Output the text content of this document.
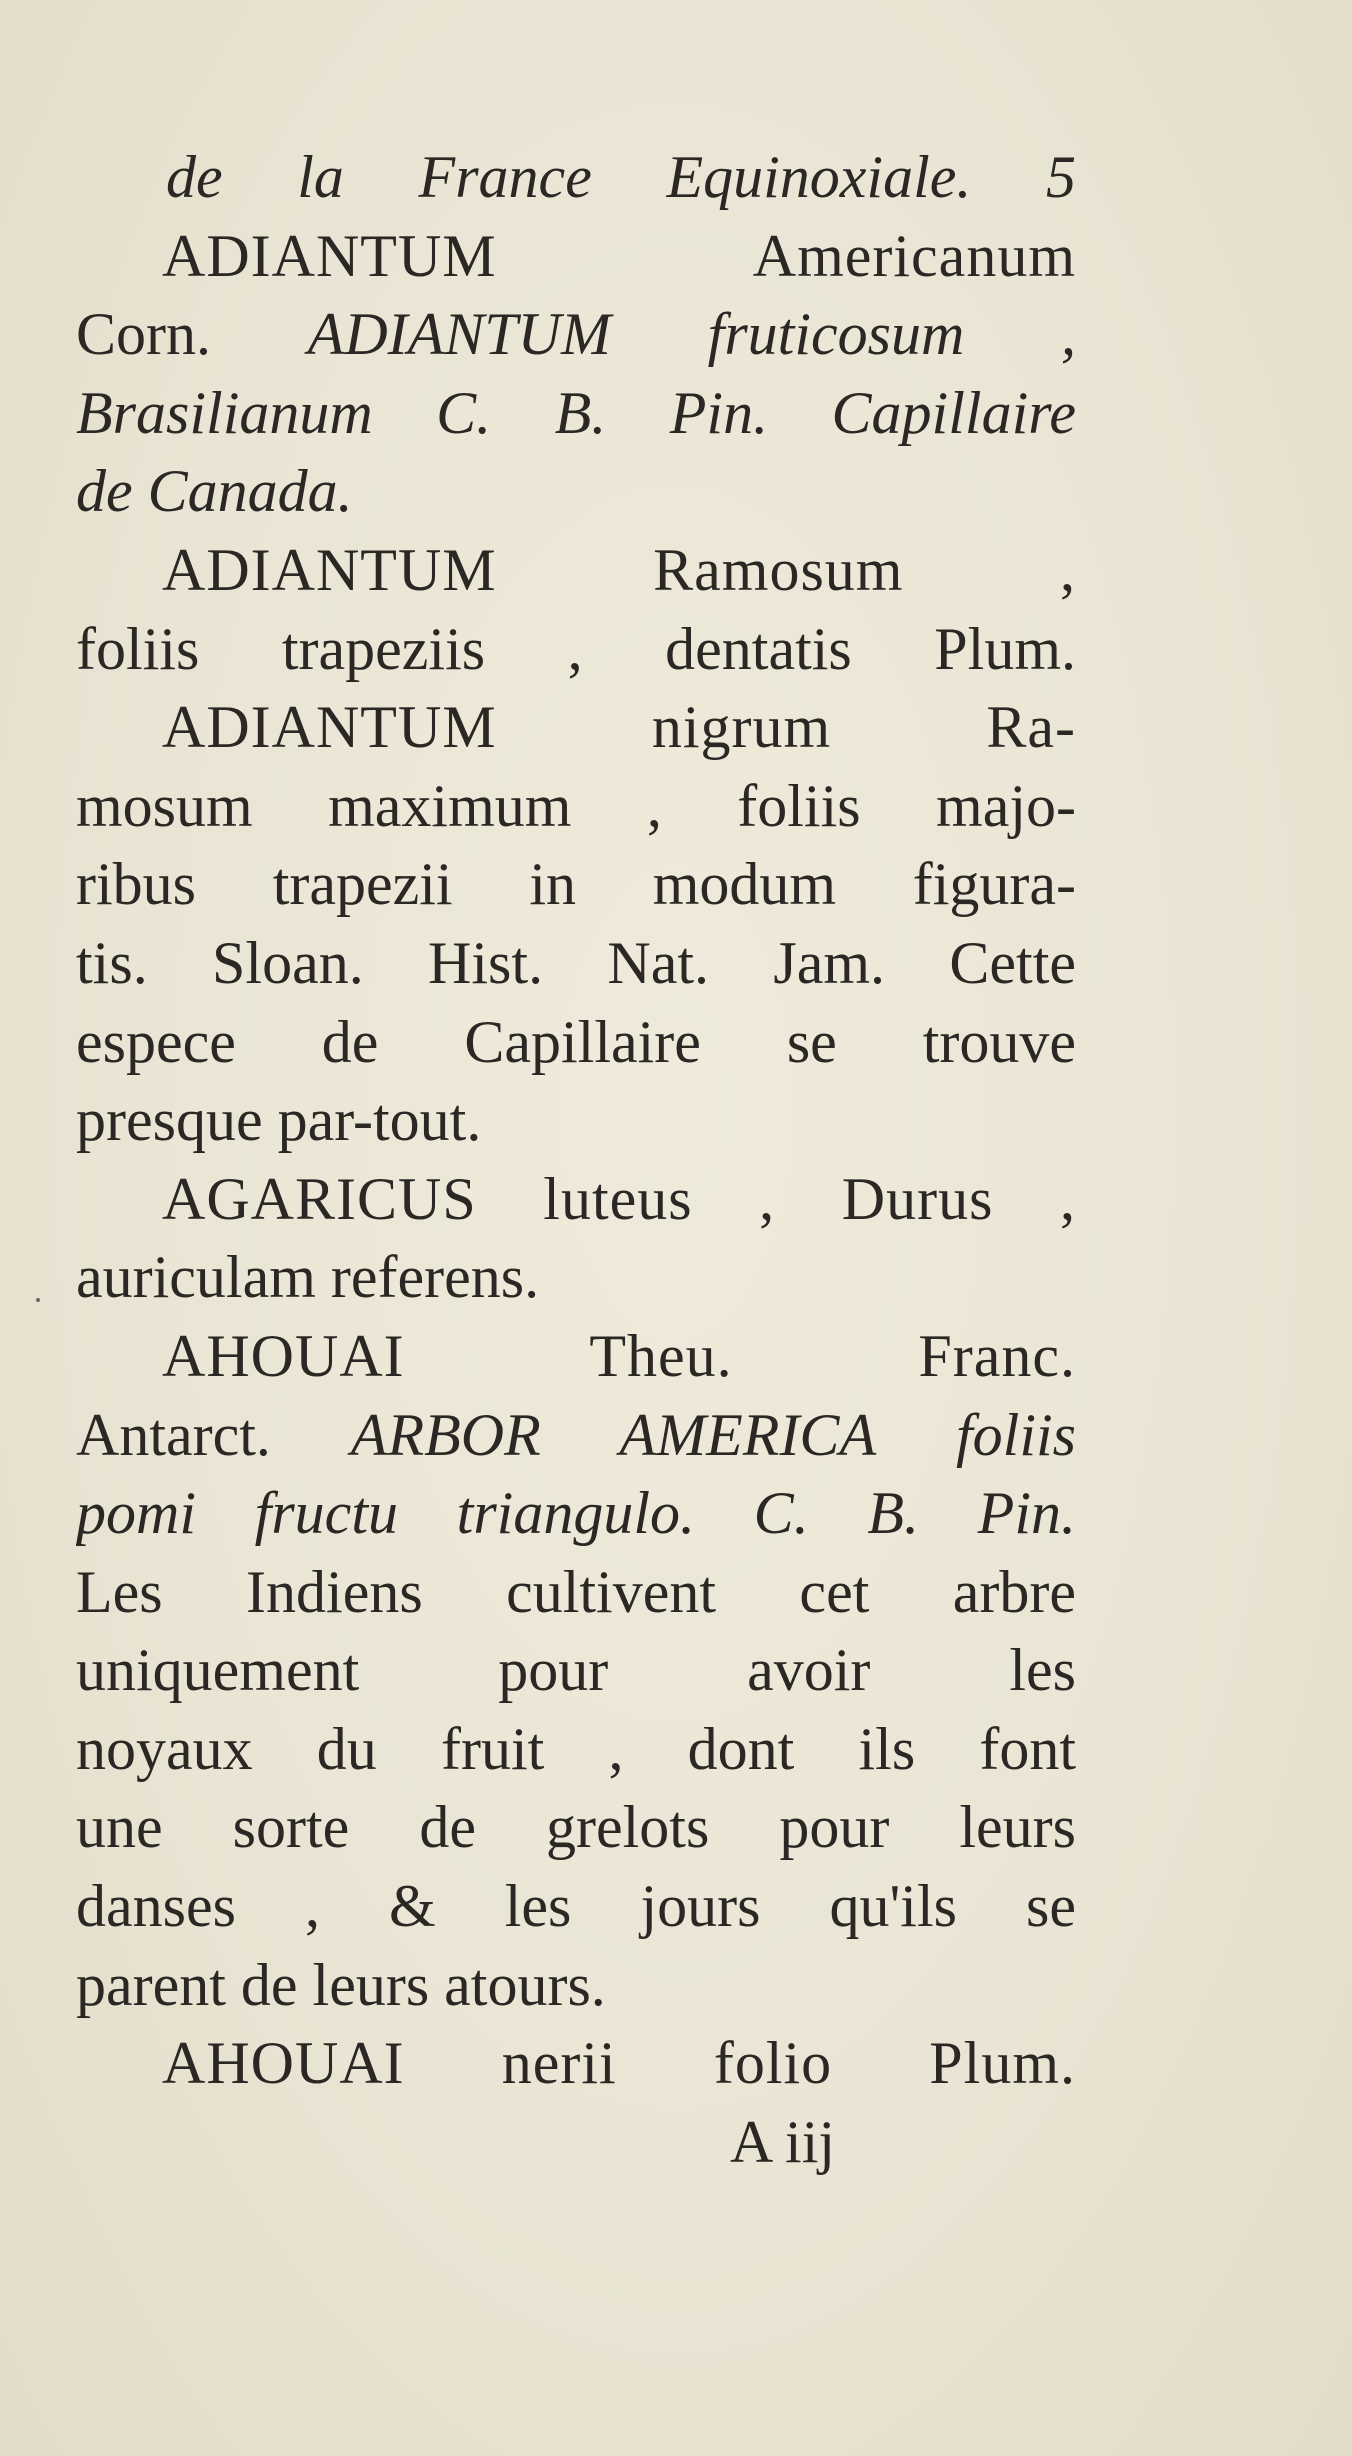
de la France Equinoxiale. 5
ADIANTUM Americanum
Corn. ADIANTUM fruticosum ,
Brasilianum C. B. Pin. Capillaire
de Canada.
ADIANTUM Ramosum ,
foliis trapeziis , dentatis Plum.
ADIANTUM nigrum Ra-
mosum maximum , foliis majo-
ribus trapezii in modum figura-
tis. Sloan. Hist. Nat. Jam. Cette
espece de Capillaire se trouve
presque par-tout.
AGARICUS luteus , Durus ,
auriculam referens.
AHOUAI Theu. Franc.
Antarct. ARBOR AMERICA foliis
pomi fructu triangulo. C. B. Pin.
Les Indiens cultivent cet arbre
uniquement pour avoir les
noyaux du fruit , dont ils font
une sorte de grelots pour leurs
danses , & les jours qu'ils se
parent de leurs atours.
AHOUAI nerii folio Plum.
A iij
